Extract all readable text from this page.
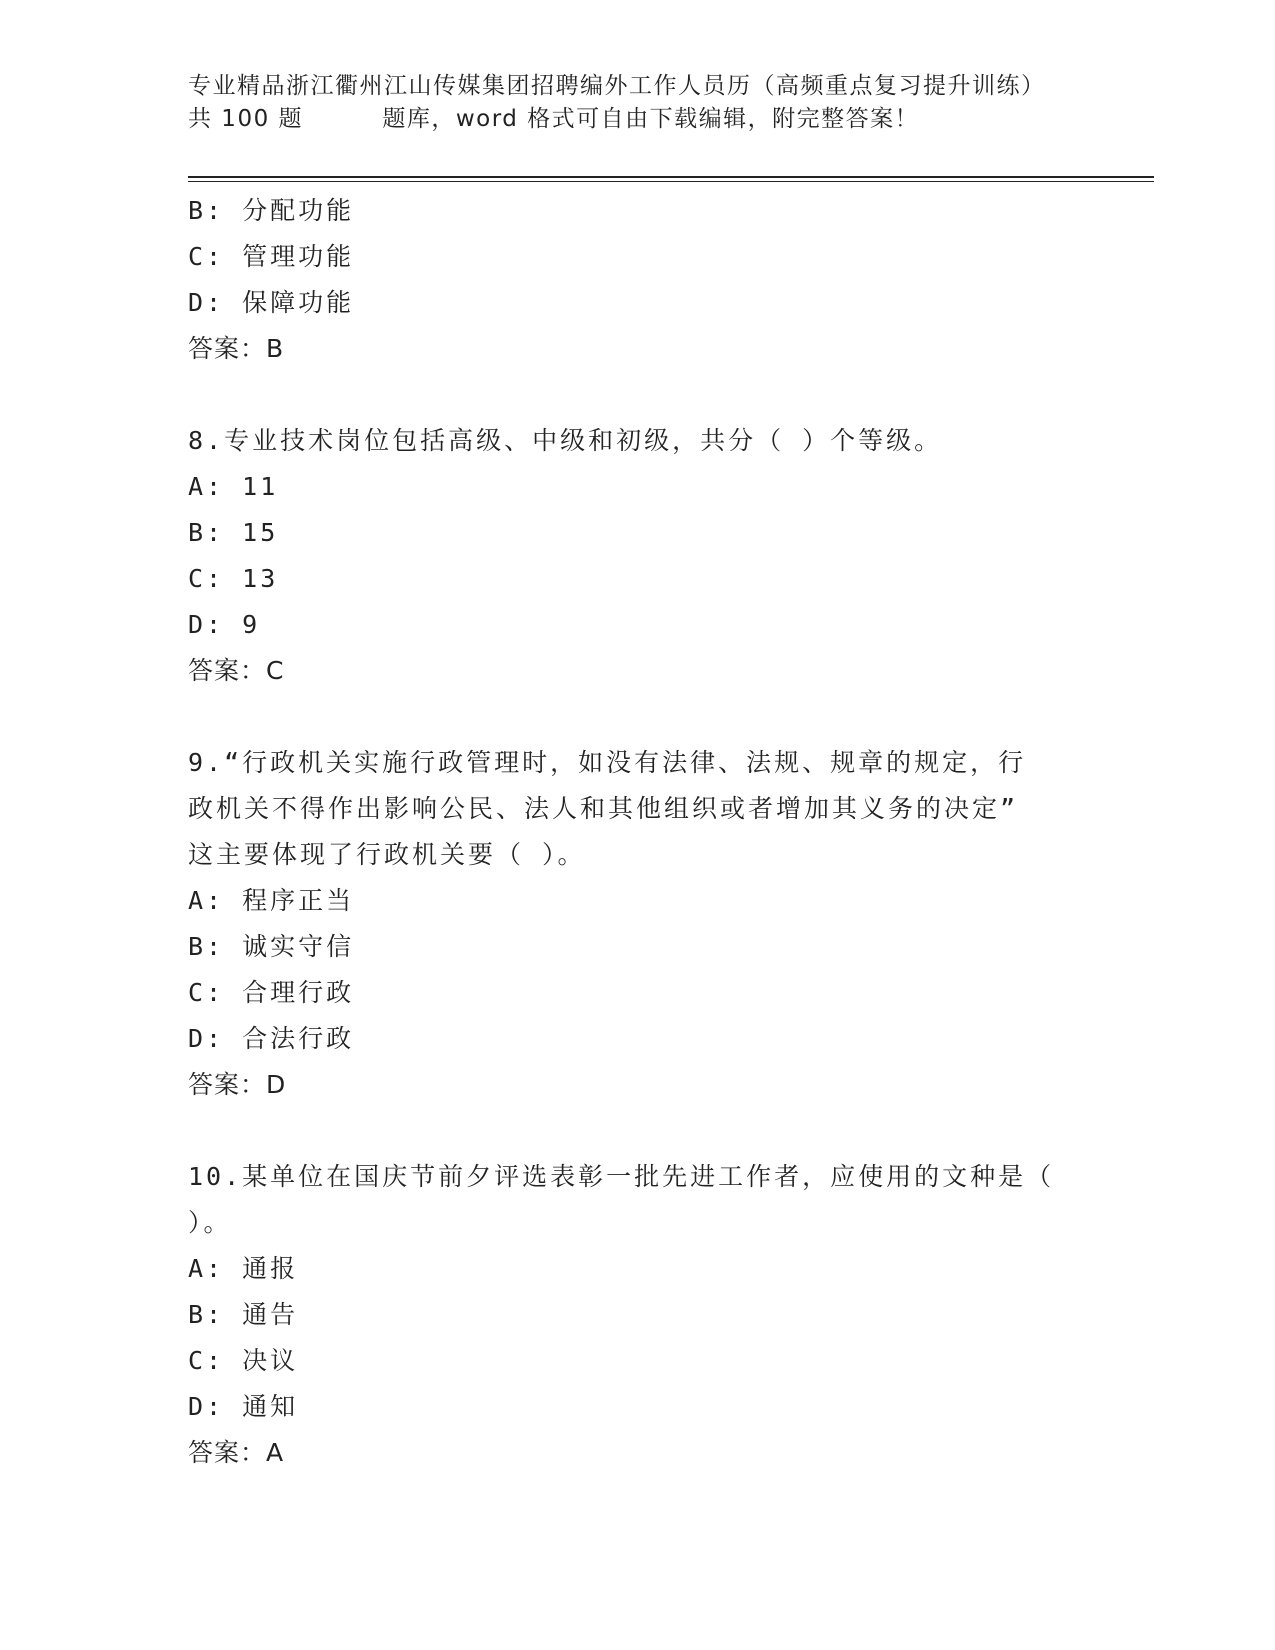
专业精品浙江衢州江山传媒集团招聘编外工作人员历（高频重点复习提升训练）
共 100 题         题库，word 格式可自由下载编辑，附完整答案！
B: 分配功能
C: 管理功能
D: 保障功能
答案：B
8.专业技术岗位包括高级、中级和初级，共分（ ）个等级。
A: 11
B: 15
C: 13
D: 9
答案：C
9.“行政机关实施行政管理时，如没有法律、法规、规章的规定，行
政机关不得作出影响公民、法人和其他组织或者增加其义务的决定”
这主要体现了行政机关要（ ）。
A: 程序正当
B: 诚实守信
C: 合理行政
D: 合法行政
答案：D
10.某单位在国庆节前夕评选表彰一批先进工作者，应使用的文种是（
）。
A: 通报
B: 通告
C: 决议
D: 通知
答案：A
